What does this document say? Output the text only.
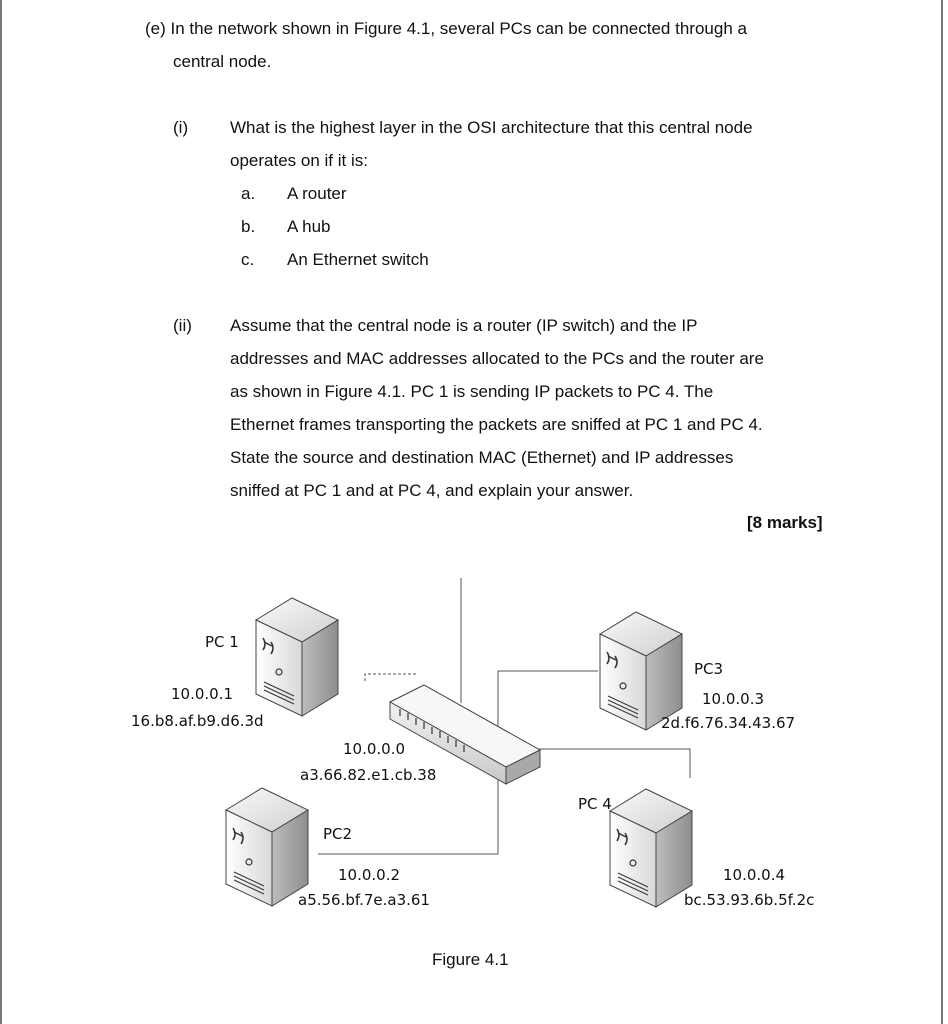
(e) In the network shown in Figure 4.1, several PCs can be connected through a
central node.
(i) What is the highest layer in the OSI architecture that this central node
operates on if it is:
a. A router
b. A hub
c. An Ethernet switch
(ii) Assume that the central node is a router (IP switch) and the IP
addresses and MAC addresses allocated to the PCs and the router are
as shown in Figure 4.1. PC 1 is sending IP packets to PC 4. The
Ethernet frames transporting the packets are sniffed at PC 1 and PC 4.
State the source and destination MAC (Ethernet) and IP addresses
sniffed at PC 1 and at PC 4, and explain your answer.
[8 marks]
PC 1
10.0.0.1
16.b8.af.b9.d6.3d
10.0.0.0
a3.66.82.e1.cb.38
PC2
10.0.0.2
a5.56.bf.7e.a3.61
PC3
10.0.0.3
2d.f6.76.34.43.67
PC 4
10.0.0.4
bc.53.93.6b.5f.2c
Figure 4.1
